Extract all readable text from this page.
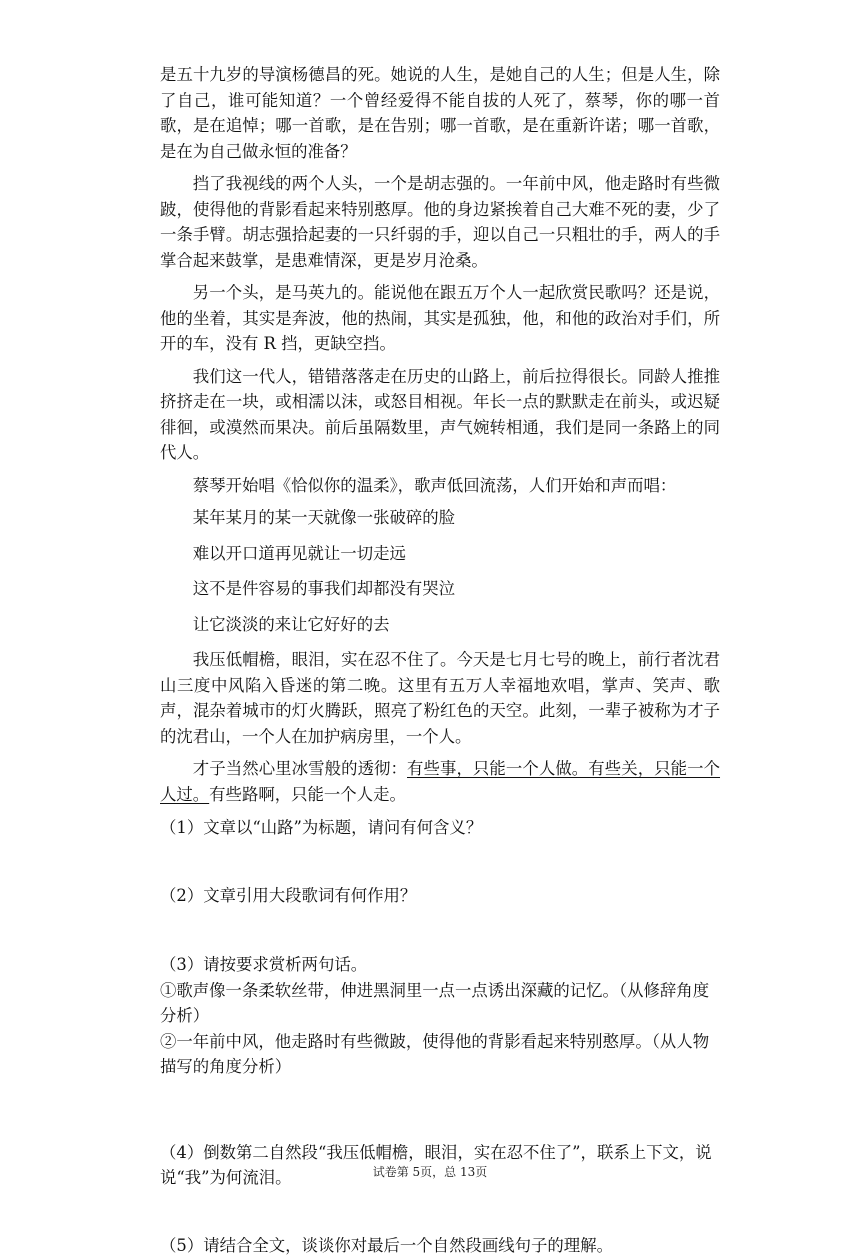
是五十九岁的导演杨德昌的死。她说的人生，是她自己的人生；但是人生，除了自己，谁可能知道？一个曾经爱得不能自拔的人死了，蔡琴，你的哪一首歌，是在追悼；哪一首歌，是在告别；哪一首歌，是在重新许诺；哪一首歌，是在为自己做永恒的准备？

挡了我视线的两个人头，一个是胡志强的。一年前中风，他走路时有些微跛，使得他的背影看起来特别憨厚。他的身边紧挨着自己大难不死的妻，少了一条手臂。胡志强拾起妻的一只纤弱的手，迎以自己一只粗壮的手，两人的手掌合起来鼓掌，是患难情深，更是岁月沧桑。

另一个头，是马英九的。能说他在跟五万个人一起欣赏民歌吗？还是说，他的坐着，其实是奔波，他的热闹，其实是孤独，他，和他的政治对手们，所开的车，没有 R 挡，更缺空挡。

我们这一代人，错错落落走在历史的山路上，前后拉得很长。同龄人推推挤挤走在一块，或相濡以沫，或怒目相视。年长一点的默默走在前头，或迟疑徘徊，或漠然而果决。前后虽隔数里，声气婉转相通，我们是同一条路上的同代人。

蔡琴开始唱《恰似你的温柔》，歌声低回流荡，人们开始和声而唱：

某年某月的某一天就像一张破碎的脸

难以开口道再见就让一切走远

这不是件容易的事我们却都没有哭泣

让它淡淡的来让它好好的去

我压低帽檐，眼泪，实在忍不住了。今天是七月七号的晚上，前行者沈君山三度中风陷入昏迷的第二晚。这里有五万人幸福地欢唱，掌声、笑声、歌声，混杂着城市的灯火腾跃，照亮了粉红色的天空。此刻，一辈子被称为才子的沈君山，一个人在加护病房里，一个人。

才子当然心里冰雪般的透彻：有些事，只能一个人做。有些关，只能一个人过。有些路啊，只能一个人走。

（1）文章以“山路”为标题，请问有何含义？

（2）文章引用大段歌词有何作用？

（3）请按要求赏析两句话。

①歌声像一条柔软丝带，伸进黑洞里一点一点诱出深藏的记忆。（从修辞角度分析）

②一年前中风，他走路时有些微跛，使得他的背影看起来特别憨厚。（从人物描写的角度分析）

（4）倒数第二自然段“我压低帽檐，眼泪，实在忍不住了”，联系上下文，说说“我”为何流泪。

（5）请结合全文，谈谈你对最后一个自然段画线句子的理解。

试卷第 5页，总 13页
